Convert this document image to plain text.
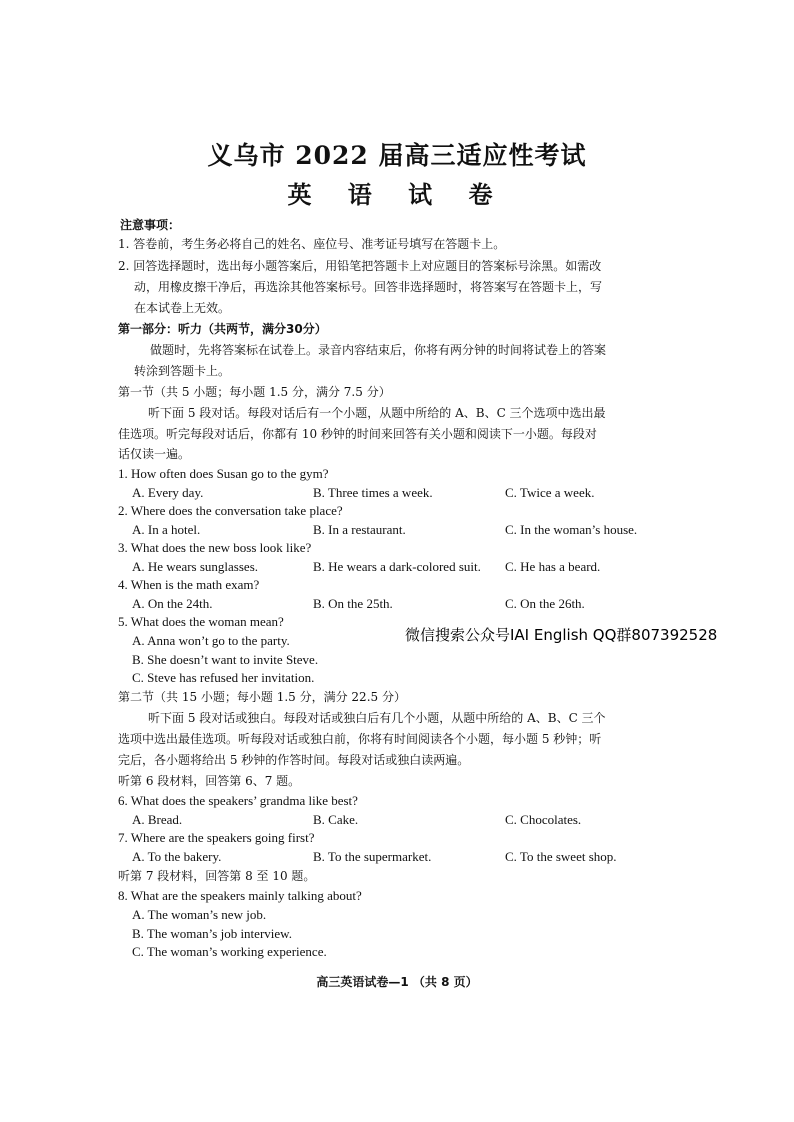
义乌市 2022 届高三适应性考试
英 语 试 卷
注意事项：
1. 答卷前，考生务必将自己的姓名、座位号、准考证号填写在答题卡上。
2. 回答选择题时，选出每小题答案后，用铅笔把答题卡上对应题目的答案标号涂黑。如需改
动，用橡皮擦干净后，再选涂其他答案标号。回答非选择题时，将答案写在答题卡上，写
在本试卷上无效。
第一部分：听力（共两节，满分30分）
做题时，先将答案标在试卷上。录音内容结束后，你将有两分钟的时间将试卷上的答案
转涂到答题卡上。
第一节（共 5 小题；每小题 1.5 分，满分 7.5 分）
听下面 5 段对话。每段对话后有一个小题，从题中所给的 A、B、C 三个选项中选出最
佳选项。听完每段对话后，你都有 10 秒钟的时间来回答有关小题和阅读下一小题。每段对
话仅读一遍。
1. How often does Susan go to the gym?
A. Every day.	B. Three times a week.	C. Twice a week.
2. Where does the conversation take place?
A. In a hotel.	B. In a restaurant.	C. In the woman’s house.
3. What does the new boss look like?
A. He wears sunglasses.	B. He wears a dark-colored suit. C. He has a beard.
4. When is the math exam?
A. On the 24th.	B. On the 25th.	C. On the 26th.
5. What does the woman mean?
A. Anna won’t go to the party.
B. She doesn’t want to invite Steve.
C. Steve has refused her invitation.
微信搜索公众号IAI English QQ群807392528
第二节（共 15 小题；每小题 1.5 分，满分 22.5 分）
听下面 5 段对话或独白。每段对话或独白后有几个小题，从题中所给的 A、B、C 三个
选项中选出最佳选项。听每段对话或独白前，你将有时间阅读各个小题，每小题 5 秒钟；听
完后，各小题将给出 5 秒钟的作答时间。每段对话或独白读两遍。
听第 6 段材料，回答第 6、7 题。
6. What does the speakers’ grandma like best?
A. Bread.	B. Cake.	C. Chocolates.
7. Where are the speakers going first?
A. To the bakery.	B. To the supermarket.	C. To the sweet shop.
听第 7 段材料，回答第 8 至 10 题。
8. What are the speakers mainly talking about?
A. The woman’s new job.
B. The woman’s job interview.
C. The woman’s working experience.
高三英语试卷—1 （共 8 页）
